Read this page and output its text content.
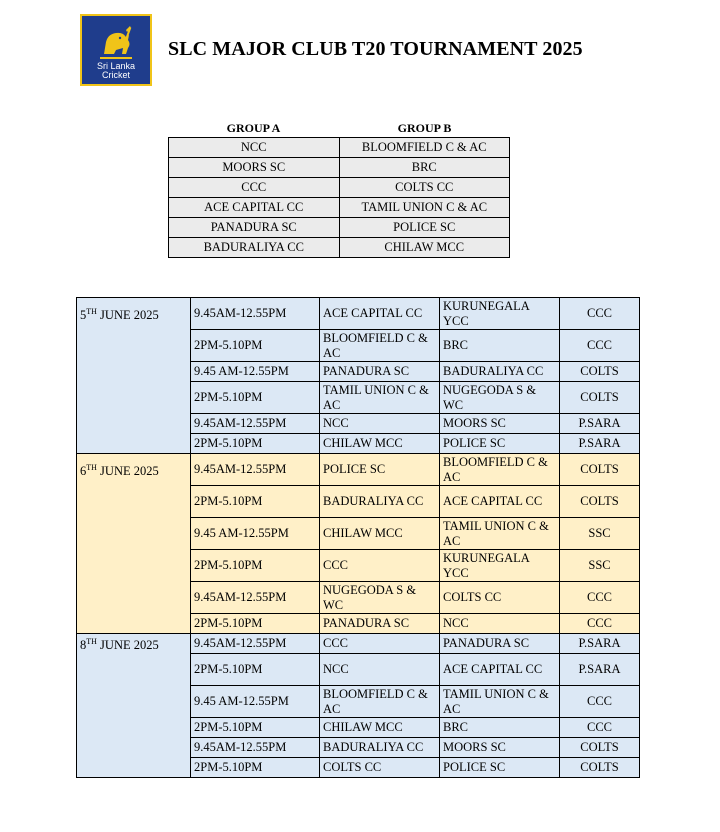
Sri Lanka
Cricket
SLC MAJOR CLUB T20 TOURNAMENT 2025
GROUP A	GROUP B
NCC	BLOOMFIELD C & AC
MOORS SC	BRC
CCC	COLTS CC
ACE CAPITAL CC	TAMIL UNION C & AC
PANADURA SC	POLICE SC
BADURALIYA CC	CHILAW MCC
5TH JUNE 2025	9.45AM-12.55PM	ACE CAPITAL CC	KURUNEGALA YCC	CCC
	2PM-5.10PM	BLOOMFIELD C & AC	BRC	CCC
	9.45 AM-12.55PM	PANADURA SC	BADURALIYA CC	COLTS
	2PM-5.10PM	TAMIL UNION C & AC	NUGEGODA S & WC	COLTS
	9.45AM-12.55PM	NCC	MOORS SC	P.SARA
	2PM-5.10PM	CHILAW MCC	POLICE SC	P.SARA
6TH JUNE 2025	9.45AM-12.55PM	POLICE SC	BLOOMFIELD C & AC	COLTS
	2PM-5.10PM	BADURALIYA CC	ACE CAPITAL CC	COLTS
	9.45 AM-12.55PM	CHILAW MCC	TAMIL UNION C & AC	SSC
	2PM-5.10PM	CCC	KURUNEGALA YCC	SSC
	9.45AM-12.55PM	NUGEGODA S & WC	COLTS CC	CCC
	2PM-5.10PM	PANADURA SC	NCC	CCC
8TH JUNE 2025	9.45AM-12.55PM	CCC	PANADURA SC	P.SARA
	2PM-5.10PM	NCC	ACE CAPITAL CC	P.SARA
	9.45 AM-12.55PM	BLOOMFIELD C & AC	TAMIL UNION C & AC	CCC
	2PM-5.10PM	CHILAW MCC	BRC	CCC
	9.45AM-12.55PM	BADURALIYA CC	MOORS SC	COLTS
	2PM-5.10PM	COLTS CC	POLICE SC	COLTS
